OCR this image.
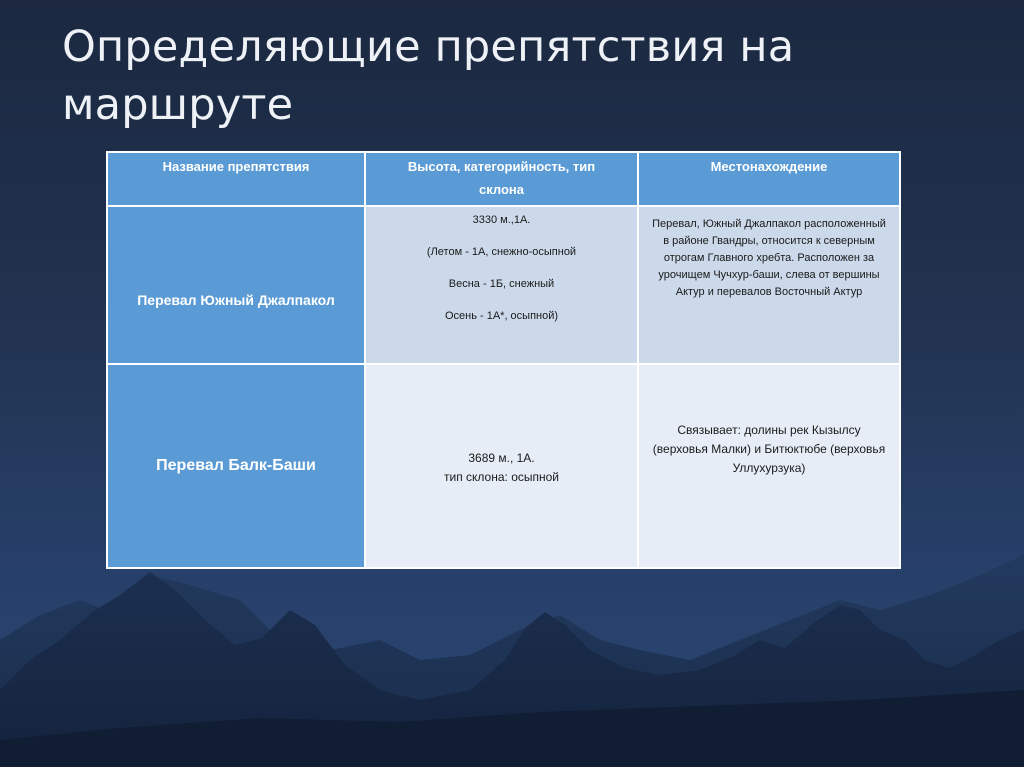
Определяющие препятствия на маршруте
Название препятствия	Высота, категорийность, тип склона	Местонахождение
Перевал Южный Джалпакол	3330 м.,1А.

(Летом - 1А, снежно-осыпной

Весна - 1Б, снежный

Осень - 1А*, осыпной)	Перевал, Южный Джалпакол расположенный в районе Гвандры, относится к северным отрогам Главного хребта. Расположен за урочищем Чучхур-баши, слева от вершины Актур и перевалов Восточный Актур

Перевал Балк-Баши	3689 м., 1А.
тип склона: осыпной	Связывает: долины рек Кызылсу (верховья Малки) и Битюктюбе (верховья Уллухурзука)
